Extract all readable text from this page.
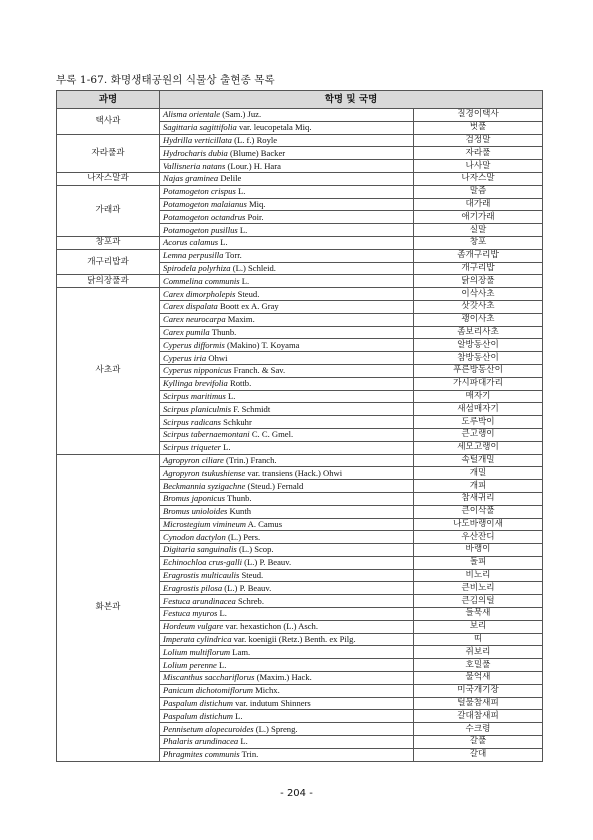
부록 1-67. 화명생태공원의 식물상 출현종 목록
과명	학명 및 국명	
택사과	Alisma orientale (Sam.) Juz.	질경이택사
	Sagittaria sagittifolia var. leucopetala Miq.	벗풀
자라풀과	Hydrilla verticillata (L. f.) Royle	검정말
	Hydrocharis dubia (Blume) Backer	자라풀
	Vallisneria natans (Lour.) H. Hara	나사말
나자스말과	Najas graminea Delile	나자스말
가래과	Potamogeton crispus L.	말즘
	Potamogeton malaianus Miq.	대가래
	Potamogeton octandrus Poir.	애기가래
	Potamogeton pusillus L.	실말
창포과	Acorus calamus L.	창포
개구리밥과	Lemna perpusilla Torr.	좀개구리밥
	Spirodela polyrhiza (L.) Schleid.	개구리밥
닭의장풀과	Commelina communis L.	닭의장풀
사초과	Carex dimorpholepis Steud.	이삭사초
	Carex dispalata Boott ex A. Gray	삿갓사초
	Carex neurocarpa Maxim.	괭이사초
	Carex pumila Thunb.	좀보리사초
	Cyperus difformis (Makino) T. Koyama	알방동산이
	Cyperus iria Ohwi	참방동산이
	Cyperus nipponicus Franch. & Sav.	푸른방동산이
	Kyllinga brevifolia Rottb.	가시파대가리
	Scirpus maritimus L.	매자기
	Scirpus planiculmis F. Schmidt	새섬매자기
	Scirpus radicans Schkuhr	도루박이
	Scirpus tabernaemontani C. C. Gmel.	큰고랭이
	Scirpus triqueter L.	세모고랭이
화본과	Agropyron ciliare (Trin.) Franch.	속털개밀
	Agropyron tsukushiense var. transiens (Hack.) Ohwi	개밀
	Beckmannia syzigachne (Steud.) Fernald	개피
	Bromus japonicus Thunb.	참새귀리
	Bromus unioloides Kunth	큰이삭풀
	Microstegium vimineum A. Camus	나도바랭이새
	Cynodon dactylon (L.) Pers.	우산잔디
	Digitaria sanguinalis (L.) Scop.	바랭이
	Echinochloa crus-galli (L.) P. Beauv.	돌피
	Eragrostis multicaulis Steud.	비노리
	Eragrostis pilosa (L.) P. Beauv.	큰비노리
	Festuca arundinacea Schreb.	큰김의털
	Festuca myuros L.	들묵새
	Hordeum vulgare var. hexastichon (L.) Asch.	보리
	Imperata cylindrica var. koenigii (Retz.) Benth. ex Pilg.	띠
	Lolium multiflorum Lam.	쥐보리
	Lolium perenne L.	호밀풀
	Miscanthus sacchariflorus (Maxim.) Hack.	물억새
	Panicum dichotomiflorum Michx.	미국개기장
	Paspalum distichum var. indutum Shinners	털물참새피
	Paspalum distichum L.	갈대참새피
	Pennisetum alopecuroides (L.) Spreng.	수크령
	Phalaris arundinacea L.	갈풀
	Phragmites communis Trin.	갈대
- 204 -
